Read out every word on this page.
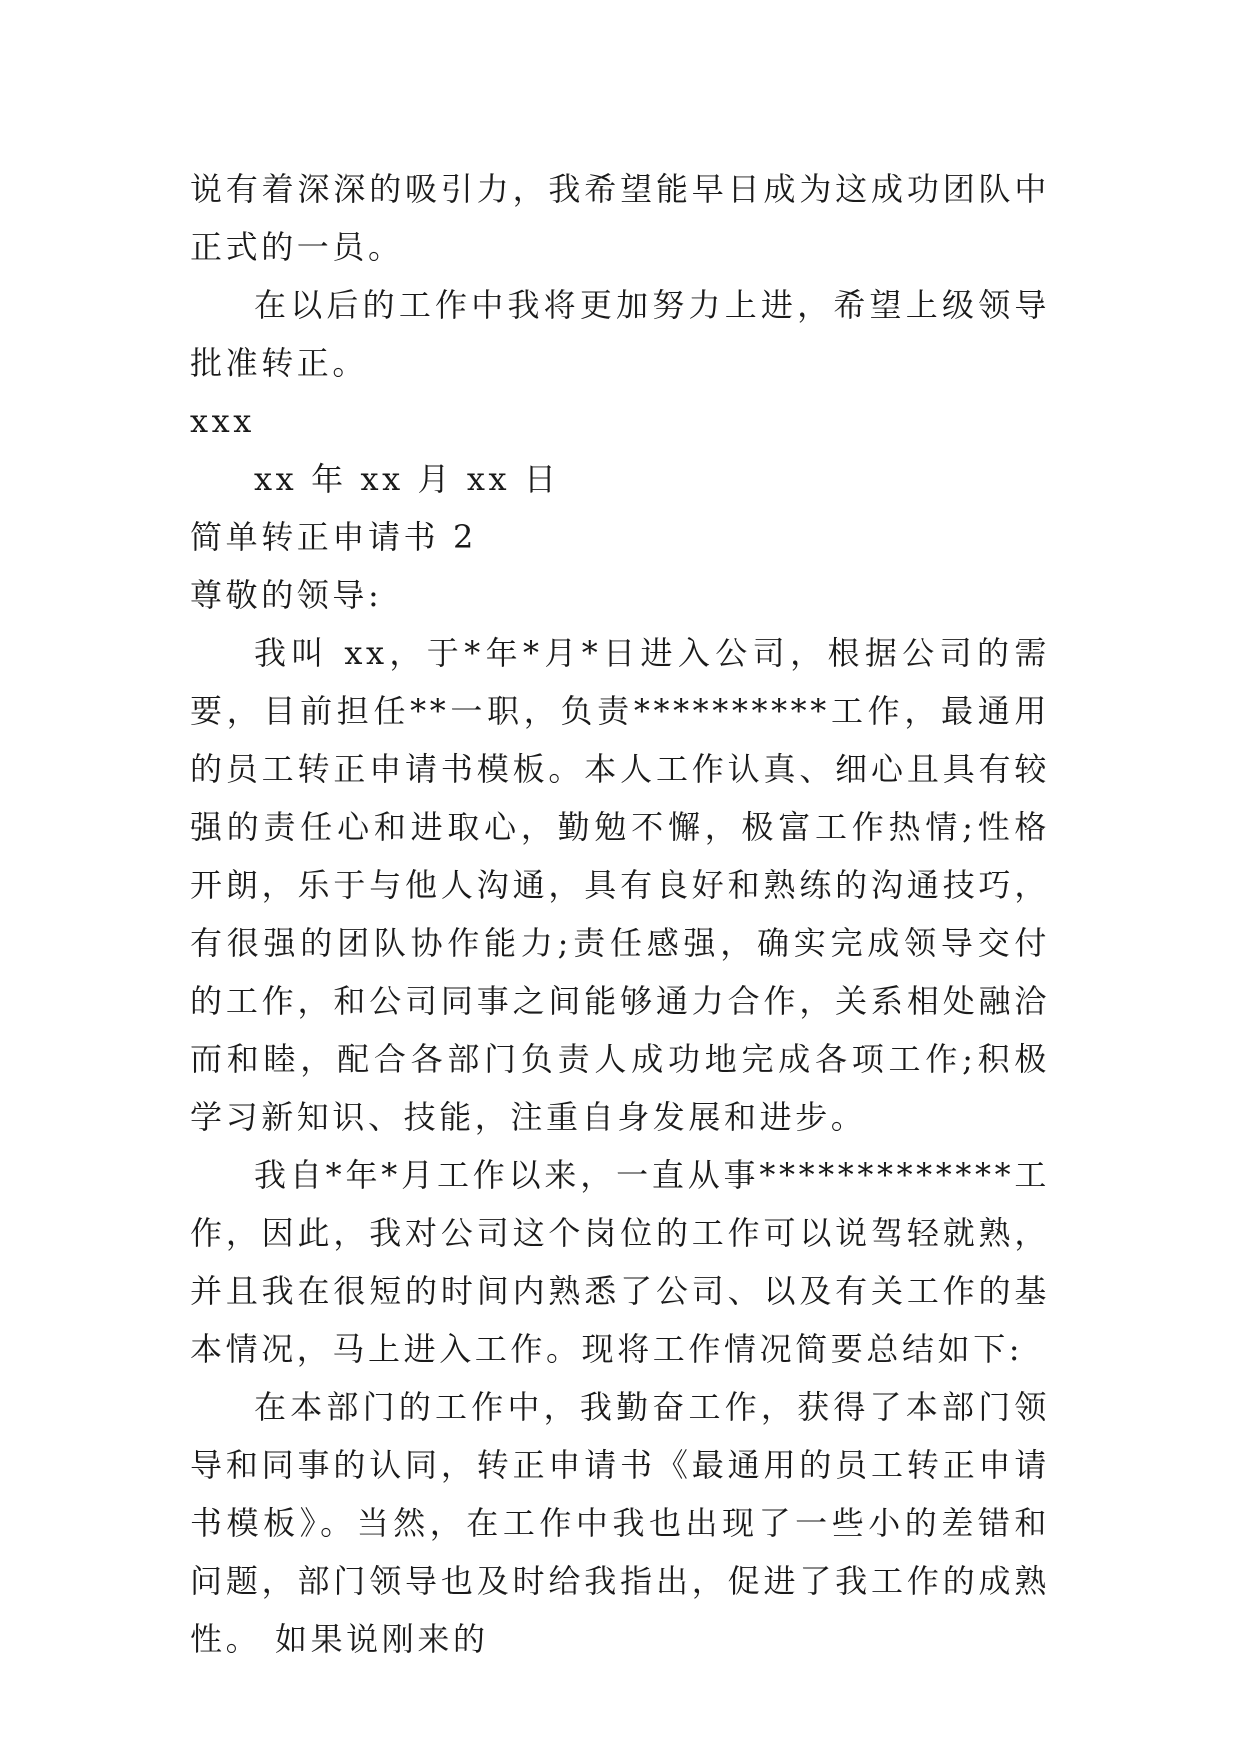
说有着深深的吸引力，我希望能早日成为这成功团队中正式的一员。

在以后的工作中我将更加努力上进，希望上级领导批准转正。

xxx

xx 年 xx 月 xx 日

简单转正申请书 2

尊敬的领导:

我叫 xx，于*年*月*日进入公司，根据公司的需要，目前担任**一职，负责**********工作，最通用的员工转正申请书模板。本人工作认真、细心且具有较强的责任心和进取心，勤勉不懈，极富工作热情;性格开朗，乐于与他人沟通，具有良好和熟练的沟通技巧，有很强的团队协作能力;责任感强，确实完成领导交付的工作，和公司同事之间能够通力合作，关系相处融洽而和睦，配合各部门负责人成功地完成各项工作;积极学习新知识、技能，注重自身发展和进步。

我自*年*月工作以来，一直从事*************工作，因此，我对公司这个岗位的工作可以说驾轻就熟，并且我在很短的时间内熟悉了公司、以及有关工作的基本情况，马上进入工作。现将工作情况简要总结如下:

在本部门的工作中，我勤奋工作，获得了本部门领导和同事的认同，转正申请书《最通用的员工转正申请书模板》。当然，在工作中我也出现了一些小的差错和问题，部门领导也及时给我指出，促进了我工作的成熟性。 如果说刚来的
